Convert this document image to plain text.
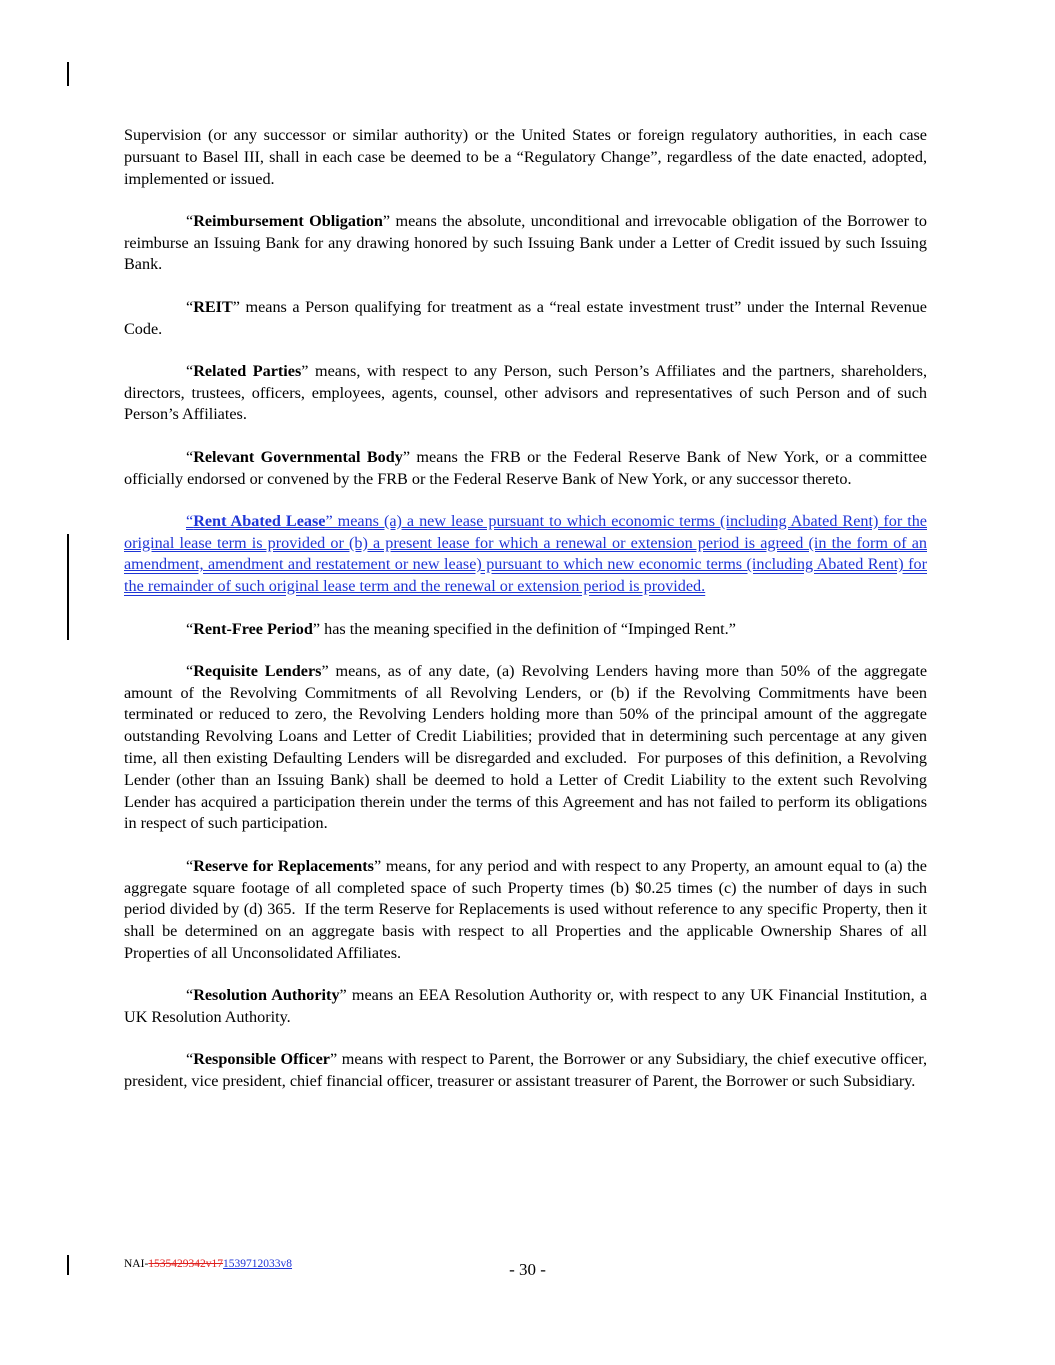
Supervision (or any successor or similar authority) or the United States or foreign regulatory authorities, in each case pursuant to Basel III, shall in each case be deemed to be a “Regulatory Change”, regardless of the date enacted, adopted, implemented or issued.

“Reimbursement Obligation” means the absolute, unconditional and irrevocable obligation of the Borrower to reimburse an Issuing Bank for any drawing honored by such Issuing Bank under a Letter of Credit issued by such Issuing Bank.

“REIT” means a Person qualifying for treatment as a “real estate investment trust” under the Internal Revenue Code.

“Related Parties” means, with respect to any Person, such Person’s Affiliates and the partners, shareholders, directors, trustees, officers, employees, agents, counsel, other advisors and representatives of such Person and of such Person’s Affiliates.

“Relevant Governmental Body” means the FRB or the Federal Reserve Bank of New York, or a committee officially endorsed or convened by the FRB or the Federal Reserve Bank of New York, or any successor thereto.

“Rent Abated Lease” means (a) a new lease pursuant to which economic terms (including Abated Rent) for the original lease term is provided or (b) a present lease for which a renewal or extension period is agreed (in the form of an amendment, amendment and restatement or new lease) pursuant to which new economic terms (including Abated Rent) for the remainder of such original lease term and the renewal or extension period is provided.

“Rent-Free Period” has the meaning specified in the definition of “Impinged Rent.”

“Requisite Lenders” means, as of any date, (a) Revolving Lenders having more than 50% of the aggregate amount of the Revolving Commitments of all Revolving Lenders, or (b) if the Revolving Commitments have been terminated or reduced to zero, the Revolving Lenders holding more than 50% of the principal amount of the aggregate outstanding Revolving Loans and Letter of Credit Liabilities; provided that in determining such percentage at any given time, all then existing Defaulting Lenders will be disregarded and excluded.  For purposes of this definition, a Revolving Lender (other than an Issuing Bank) shall be deemed to hold a Letter of Credit Liability to the extent such Revolving Lender has acquired a participation therein under the terms of this Agreement and has not failed to perform its obligations in respect of such participation.

“Reserve for Replacements” means, for any period and with respect to any Property, an amount equal to (a) the aggregate square footage of all completed space of such Property times (b) $0.25 times (c) the number of days in such period divided by (d) 365.  If the term Reserve for Replacements is used without reference to any specific Property, then it shall be determined on an aggregate basis with respect to all Properties and the applicable Ownership Shares of all Properties of all Unconsolidated Affiliates.

“Resolution Authority” means an EEA Resolution Authority or, with respect to any UK Financial Institution, a UK Resolution Authority.

“Responsible Officer” means with respect to Parent, the Borrower or any Subsidiary, the chief executive officer, president, vice president, chief financial officer, treasurer or assistant treasurer of Parent, the Borrower or such Subsidiary.

NAI-1535429342v171539712033v8	- 30 -
